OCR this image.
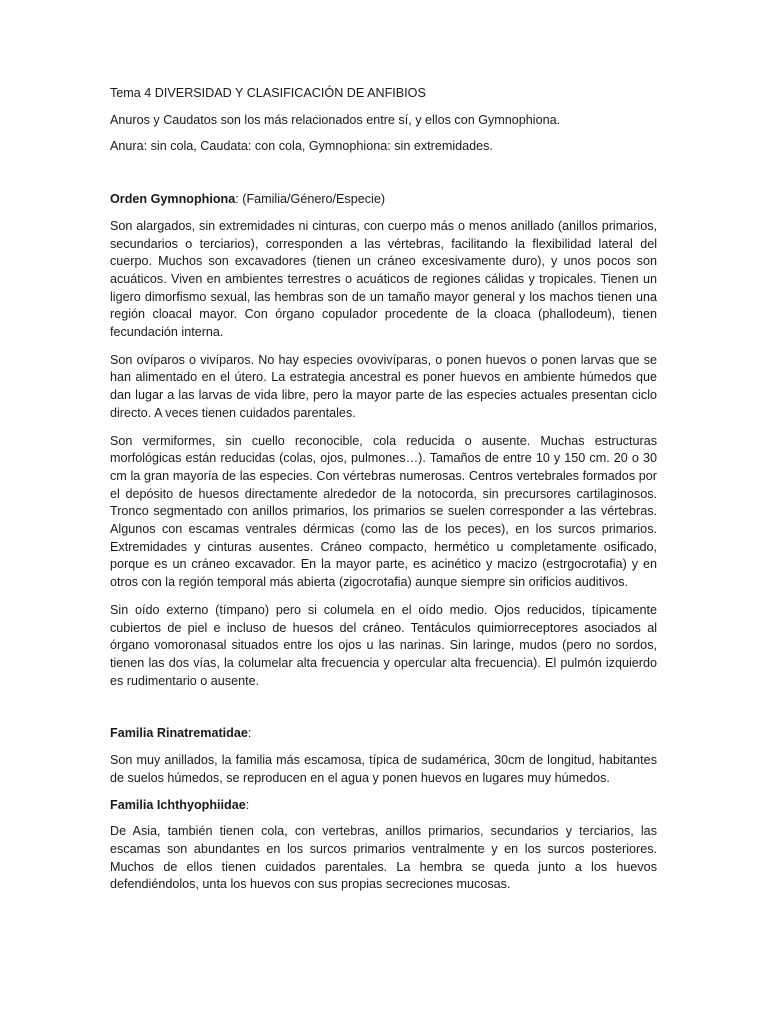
Tema 4 DIVERSIDAD Y CLASIFICACIÓN DE ANFIBIOS

Anuros y Caudatos son los más relacionados entre sí, y ellos con Gymnophiona.

Anura: sin cola, Caudata: con cola, Gymnophiona: sin extremidades.

Orden Gymnophiona: (Familia/Género/Especie)

Son alargados, sin extremidades ni cinturas, con cuerpo más o menos anillado (anillos primarios, secundarios o terciarios), corresponden a las vértebras, facilitando la flexibilidad lateral del cuerpo. Muchos son excavadores (tienen un cráneo excesivamente duro), y unos pocos son acuáticos. Viven en ambientes terrestres o acuáticos de regiones cálidas y tropicales. Tienen un ligero dimorfismo sexual, las hembras son de un tamaño mayor general y los machos tienen una región cloacal mayor. Con órgano copulador procedente de la cloaca (phallodeum), tienen fecundación interna.

Son ovíparos o vivíparos. No hay especies ovovivíparas, o ponen huevos o ponen larvas que se han alimentado en el útero. La estrategia ancestral es poner huevos en ambiente húmedos que dan lugar a las larvas de vida libre, pero la mayor parte de las especies actuales presentan ciclo directo. A veces tienen cuidados parentales.

Son vermiformes, sin cuello reconocible, cola reducida o ausente. Muchas estructuras morfológicas están reducidas (colas, ojos, pulmones…). Tamaños de entre 10 y 150 cm. 20 o 30 cm la gran mayoría de las especies. Con vértebras numerosas. Centros vertebrales formados por el depósito de huesos directamente alrededor de la notocorda, sin precursores cartilaginosos. Tronco segmentado con anillos primarios, los primarios se suelen corresponder a las vértebras. Algunos con escamas ventrales dérmicas (como las de los peces), en los surcos primarios. Extremidades y cinturas ausentes. Cráneo compacto, hermético u completamente osificado, porque es un cráneo excavador. En la mayor parte, es acinético y macizo (estrgocrotafia) y en otros con la región temporal más abierta (zigocrotafia) aunque siempre sin orificios auditivos.

Sin oído externo (tímpano) pero si columela en el oído medio. Ojos reducidos, típicamente cubiertos de piel e incluso de huesos del cráneo. Tentáculos quimiorreceptores asociados al órgano vomoronasal situados entre los ojos u las narinas. Sin laringe, mudos (pero no sordos, tienen las dos vías, la columelar alta frecuencia y opercular alta frecuencia). El pulmón izquierdo es rudimentario o ausente.

Familia Rinatrematidae:

Son muy anillados, la familia más escamosa, típica de sudamérica, 30cm de longitud, habitantes de suelos húmedos, se reproducen en el agua y ponen huevos en lugares muy húmedos.

Familia Ichthyophiidae:

De Asia, también tienen cola, con vertebras, anillos primarios, secundarios y terciarios, las escamas son abundantes en los surcos primarios ventralmente y en los surcos posteriores. Muchos de ellos tienen cuidados parentales. La hembra se queda junto a los huevos defendiéndolos, unta los huevos con sus propias secreciones mucosas.
